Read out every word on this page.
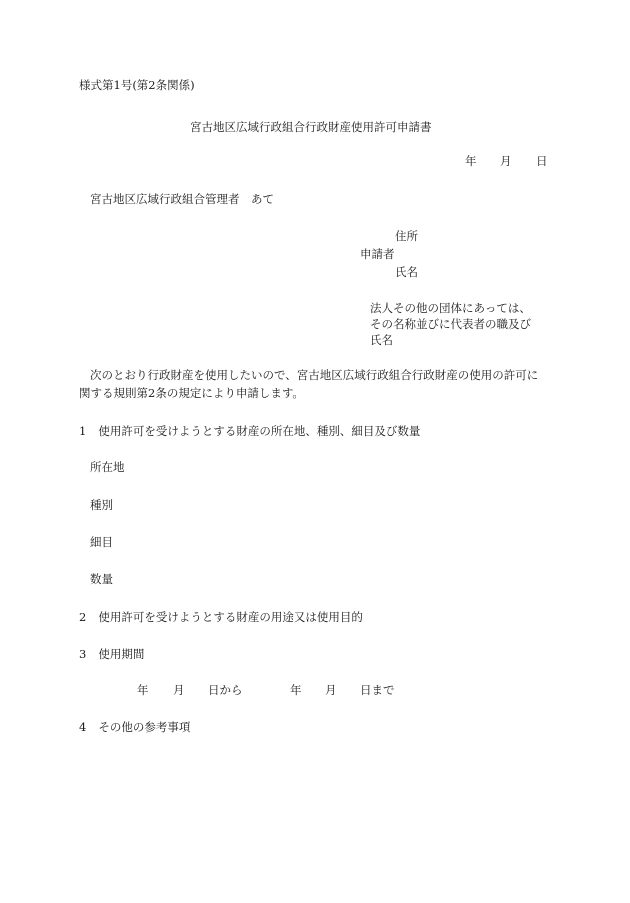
様式第1号(第2条関係)
宮古地区広域行政組合行政財産使用許可申請書
年 月 日
宮古地区広域行政組合管理者　あて
住所
申請者
氏名
法人その他の団体にあっては、
その名称並びに代表者の職及び
氏名
次のとおり行政財産を使用したいので、宮古地区広域行政組合行政財産の使用の許可に
関する規則第2条の規定により申請します。
1 使用許可を受けようとする財産の所在地、種別、細目及び数量
所在地
種別
細目
数量
2 使用許可を受けようとする財産の用途又は使用目的
3 使用期間
年 月 日から	年 月 日まで
4 その他の参考事項
